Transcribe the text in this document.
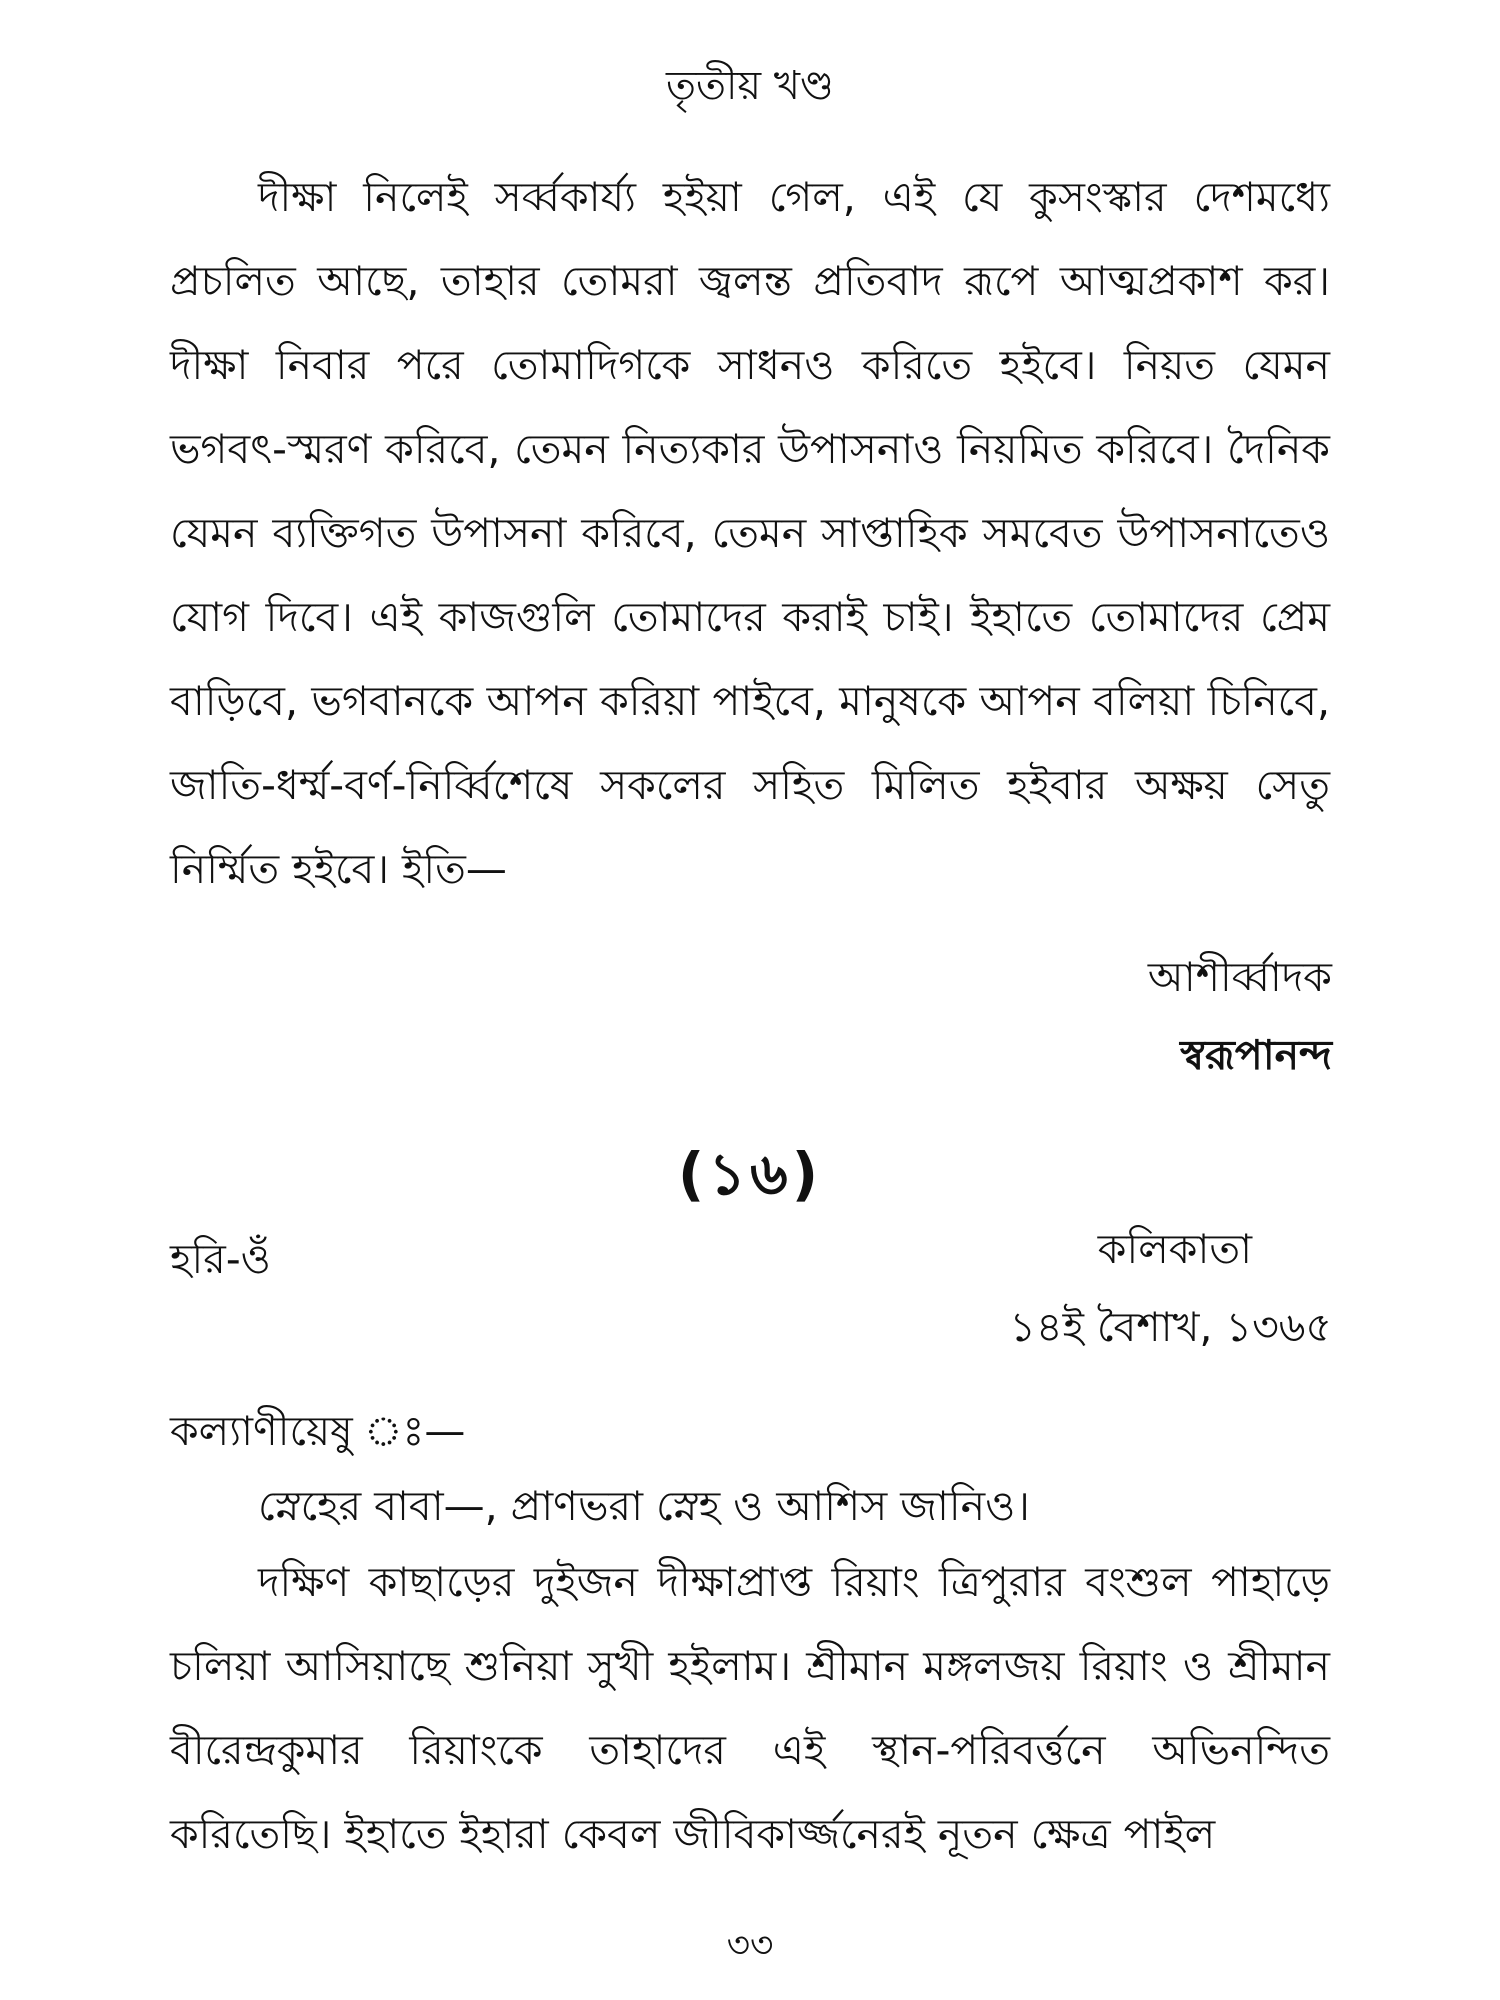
তৃতীয় খণ্ড

দীক্ষা নিলেই সর্ব্বকার্য্য হইয়া গেল, এই যে কুসংস্কার দেশমধ্যে প্রচলিত আছে, তাহার তোমরা জ্বলন্ত প্রতিবাদ রূপে আত্মপ্রকাশ কর। দীক্ষা নিবার পরে তোমাদিগকে সাধনও করিতে হইবে। নিয়ত যেমন ভগবৎ-স্মরণ করিবে, তেমন নিত্যকার উপাসনাও নিয়মিত করিবে। দৈনিক যেমন ব্যক্তিগত উপাসনা করিবে, তেমন সাপ্তাহিক সমবেত উপাসনাতেও যোগ দিবে। এই কাজগুলি তোমাদের করাই চাই। ইহাতে তোমাদের প্রেম বাড়িবে, ভগবানকে আপন করিয়া পাইবে, মানুষকে আপন বলিয়া চিনিবে, জাতি-ধর্ম্ম-বর্ণ-নির্ব্বিশেষে সকলের সহিত মিলিত হইবার অক্ষয় সেতু নির্ম্মিত হইবে। ইতি—

আশীর্ব্বাদক

স্বরূপানন্দ

(১৬)
হরি-ওঁ	কলিকাতা
১৪ই বৈশাখ, ১৩৬৫
কল্যাণীয়েষু ঃ—
স্নেহের বাবা—, প্রাণভরা স্নেহ ও আশিস জানিও।

দক্ষিণ কাছাড়ের দুইজন দীক্ষাপ্রাপ্ত রিয়াং ত্রিপুরার বংশুল পাহাড়ে চলিয়া আসিয়াছে শুনিয়া সুখী হইলাম। শ্রীমান মঙ্গলজয় রিয়াং ও শ্রীমান বীরেন্দ্রকুমার রিয়াংকে তাহাদের এই স্থান-পরিবর্ত্তনে অভিনন্দিত করিতেছি। ইহাতে ইহারা কেবল জীবিকার্জ্জনেরই নূতন ক্ষেত্র পাইল

৩৩
